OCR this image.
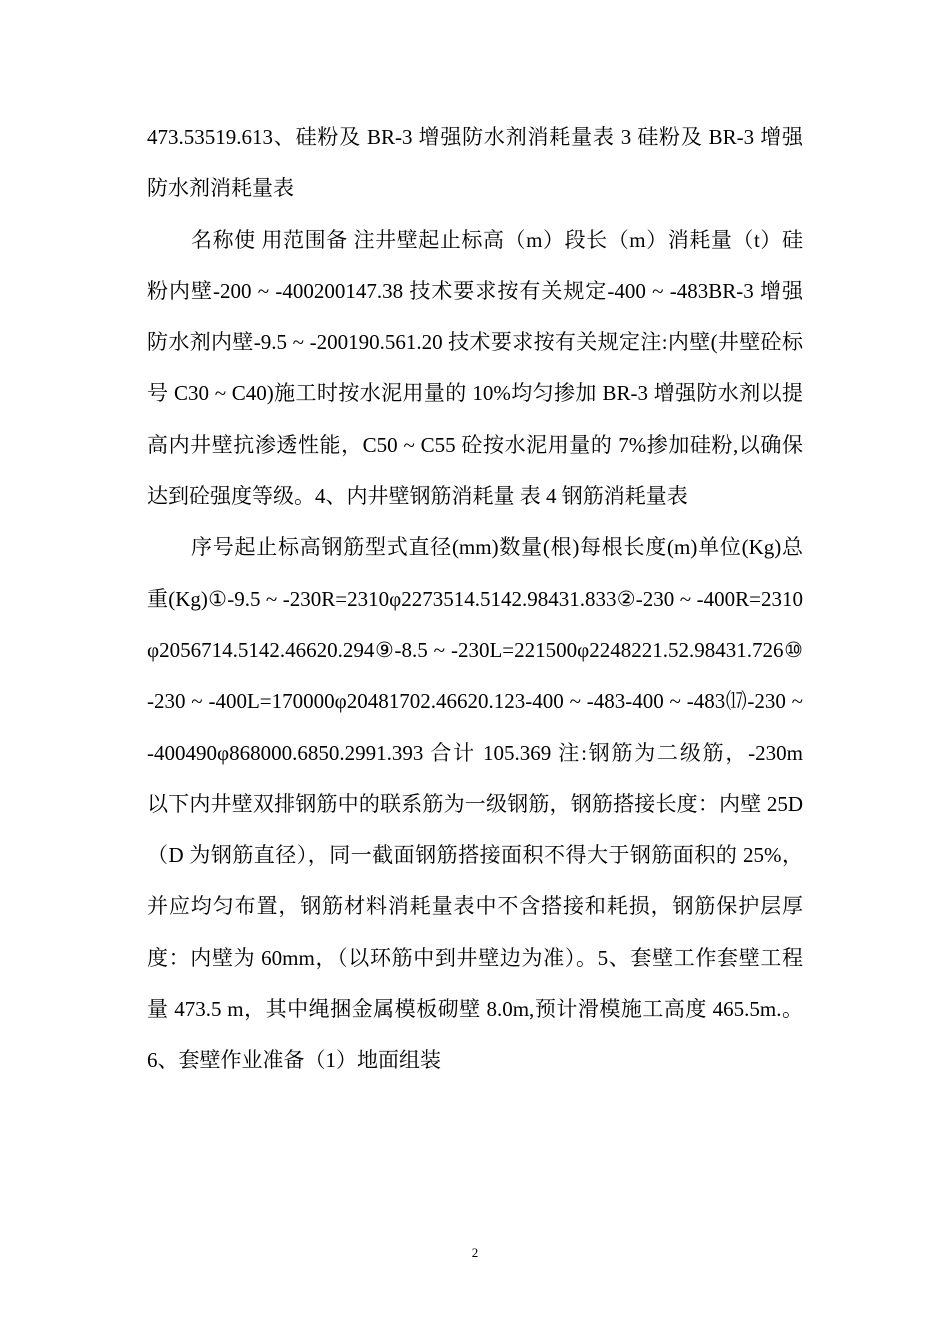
473.53519.613、硅粉及 BR-3 增强防水剂消耗量表 3 硅粉及 BR-3 增强防水剂消耗量表

名称使 用范围备 注井壁起止标高（m）段长（m）消耗量（t）硅 粉内壁-200 ~ -400200147.38 技术要求按有关规定-400 ~ -483BR-3 增强防水剂内壁-9.5 ~ -200190.561.20 技术要求按有关规定注:内壁(井壁砼标号 C30 ~ C40)施工时按水泥用量的 10%均匀掺加 BR-3 增强防水剂以提高内井壁抗渗透性能，C50 ~ C55 砼按水泥用量的 7%掺加硅粉,以确保达到砼强度等级。4、内井壁钢筋消耗量 表 4 钢筋消耗量表

序号起止标高钢筋型式直径(mm)数量(根)每根长度(m)单位(Kg)总重(Kg)①-9.5 ~ -230R=2310φ2273514.5142.98431.833②-230 ~ -400R=2310φ2056714.5142.46620.294⑨-8.5 ~ -230L=221500φ2248221.52.98431.726⑩-230 ~ -400L=170000φ20481702.46620.123-400 ~ -483-400 ~ -483⒄-230 ~ -400490φ868000.6850.2991.393 合计 105.369 注:钢筋为二级筋，-230m 以下内井壁双排钢筋中的联系筋为一级钢筋，钢筋搭接长度：内壁 25D（D 为钢筋直径），同一截面钢筋搭接面积不得大于钢筋面积的 25%，并应均匀布置，钢筋材料消耗量表中不含搭接和耗损，钢筋保护层厚度：内壁为 60mm，（以环筋中到井壁边为准）。5、套壁工作套壁工程量 473.5 m，其中绳捆金属模板砌壁 8.0m,预计滑模施工高度 465.5m.。6、套壁作业准备（1）地面组装

2
